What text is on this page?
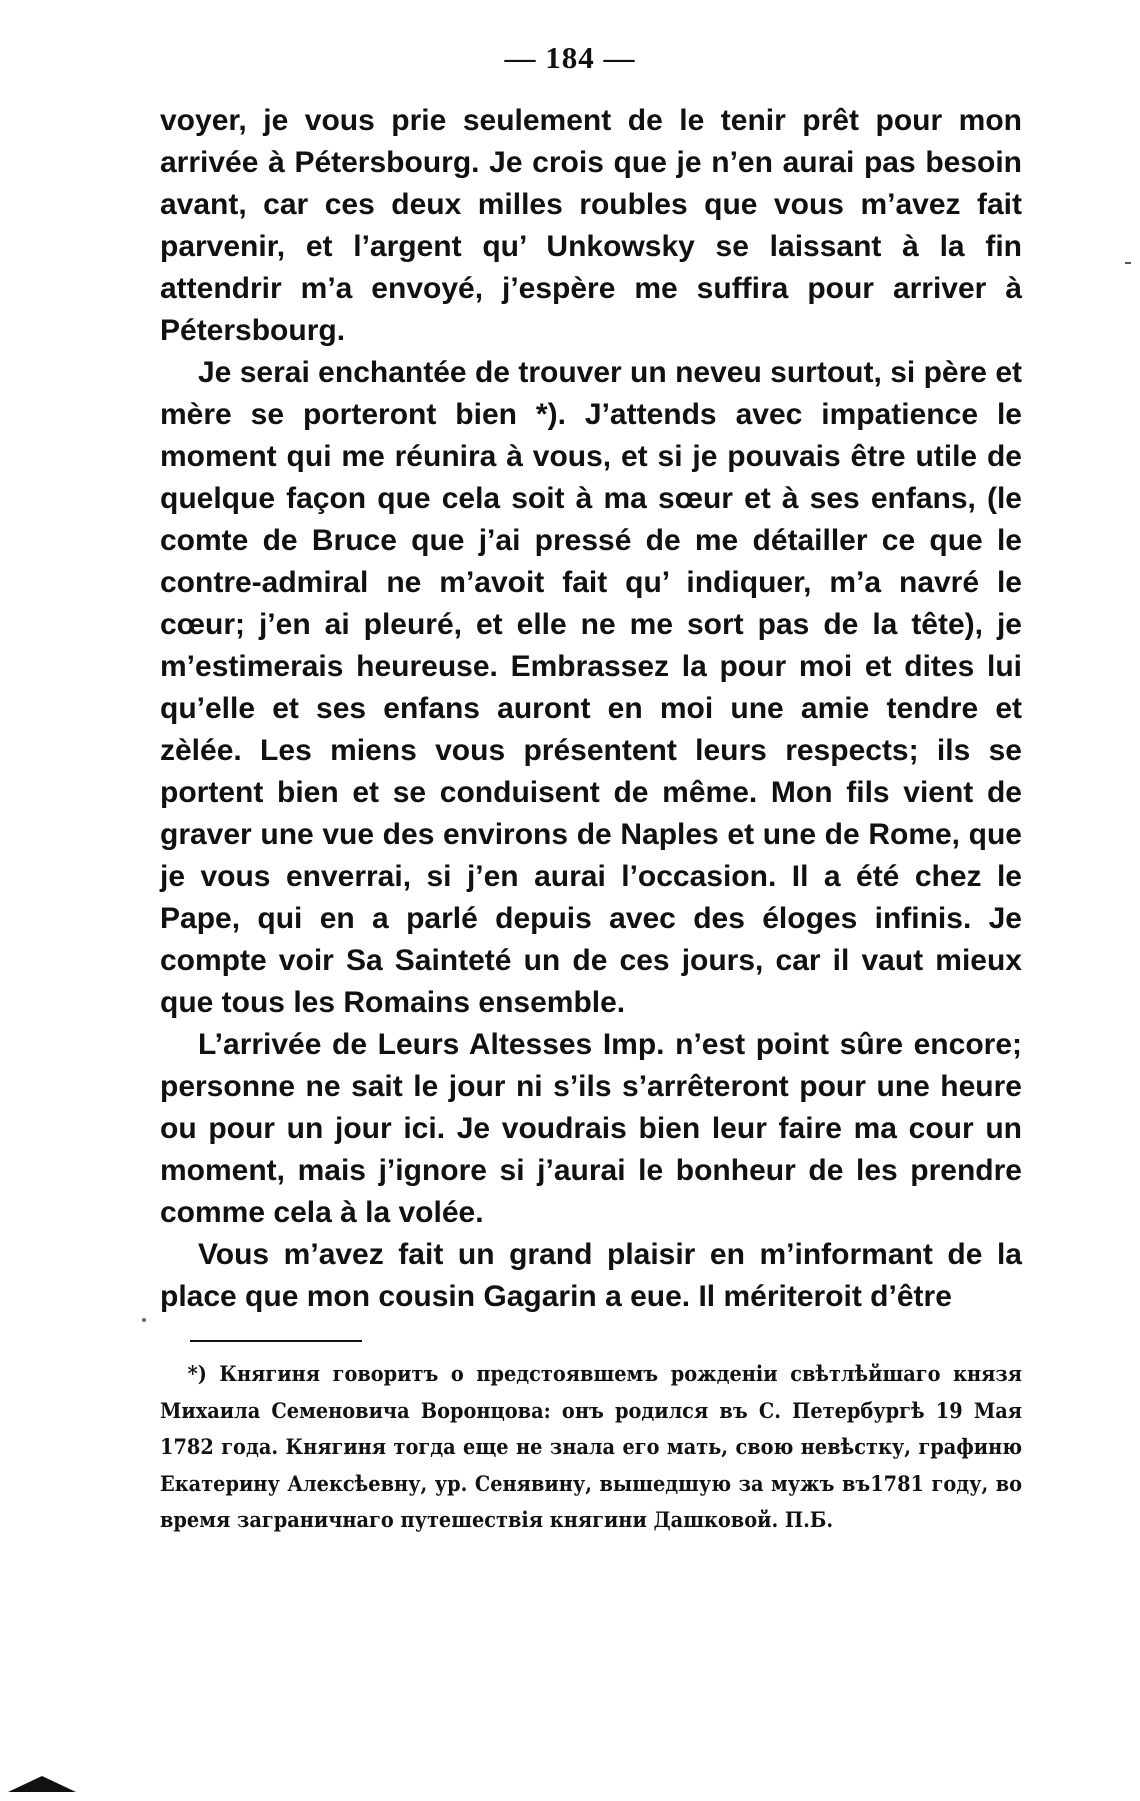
— 184 —

voyer, je vous prie seulement de le tenir prêt pour mon arrivée à Pétersbourg. Je crois que je n’en aurai pas besoin avant, car ces deux milles roubles que vous m’avez fait parvenir, et l’argent qu’ Unkowsky se laissant à la fin attendrir m’a envoyé, j’espère me suffira pour arriver à Pétersbourg.

Je serai enchantée de trouver un neveu surtout, si père et mère se porteront bien *). J’attends avec impatience le moment qui me réunira à vous, et si je pouvais être utile de quelque façon que cela soit à ma sœur et à ses enfans, (le comte de Bruce que j’ai pressé de me détailler ce que le contre-admiral ne m’avoit fait qu’ indiquer, m’a navré le cœur; j’en ai pleuré, et elle ne me sort pas de la tête), je m’estimerais heureuse. Embrassez la pour moi et dites lui qu’elle et ses enfans auront en moi une amie tendre et zèlée. Les miens vous présentent leurs respects; ils se portent bien et se conduisent de même. Mon fils vient de graver une vue des environs de Naples et une de Rome, que je vous enverrai, si j’en aurai l’occasion. Il a été chez le Pape, qui en a parlé depuis avec des éloges infinis. Je compte voir Sa Sainteté un de ces jours, car il vaut mieux que tous les Romains ensemble.

L’arrivée de Leurs Altesses Imp. n’est point sûre encore; personne ne sait le jour ni s’ils s’arrêteront pour une heure ou pour un jour ici. Je voudrais bien leur faire ma cour un moment, mais j’ignore si j’aurai le bonheur de les prendre comme cela à la volée.

Vous m’avez fait un grand plaisir en m’informant de la place que mon cousin Gagarin a eue. Il mériteroit d’être

*) Княгиня говоритъ о предстоявшемъ рожденіи свѣтлѣйшаго князя Михаила Семеновича Воронцова: онъ родился въ С. Петербургѣ 19 Мая 1782 года. Княгиня тогда еще не знала его мать, свою невѣстку, графиню Екатерину Алексѣевну, ур. Сенявину, вышедшую за мужъ въ1781 году, во время заграничнаго путешествія княгини Дашковой. П.Б.
